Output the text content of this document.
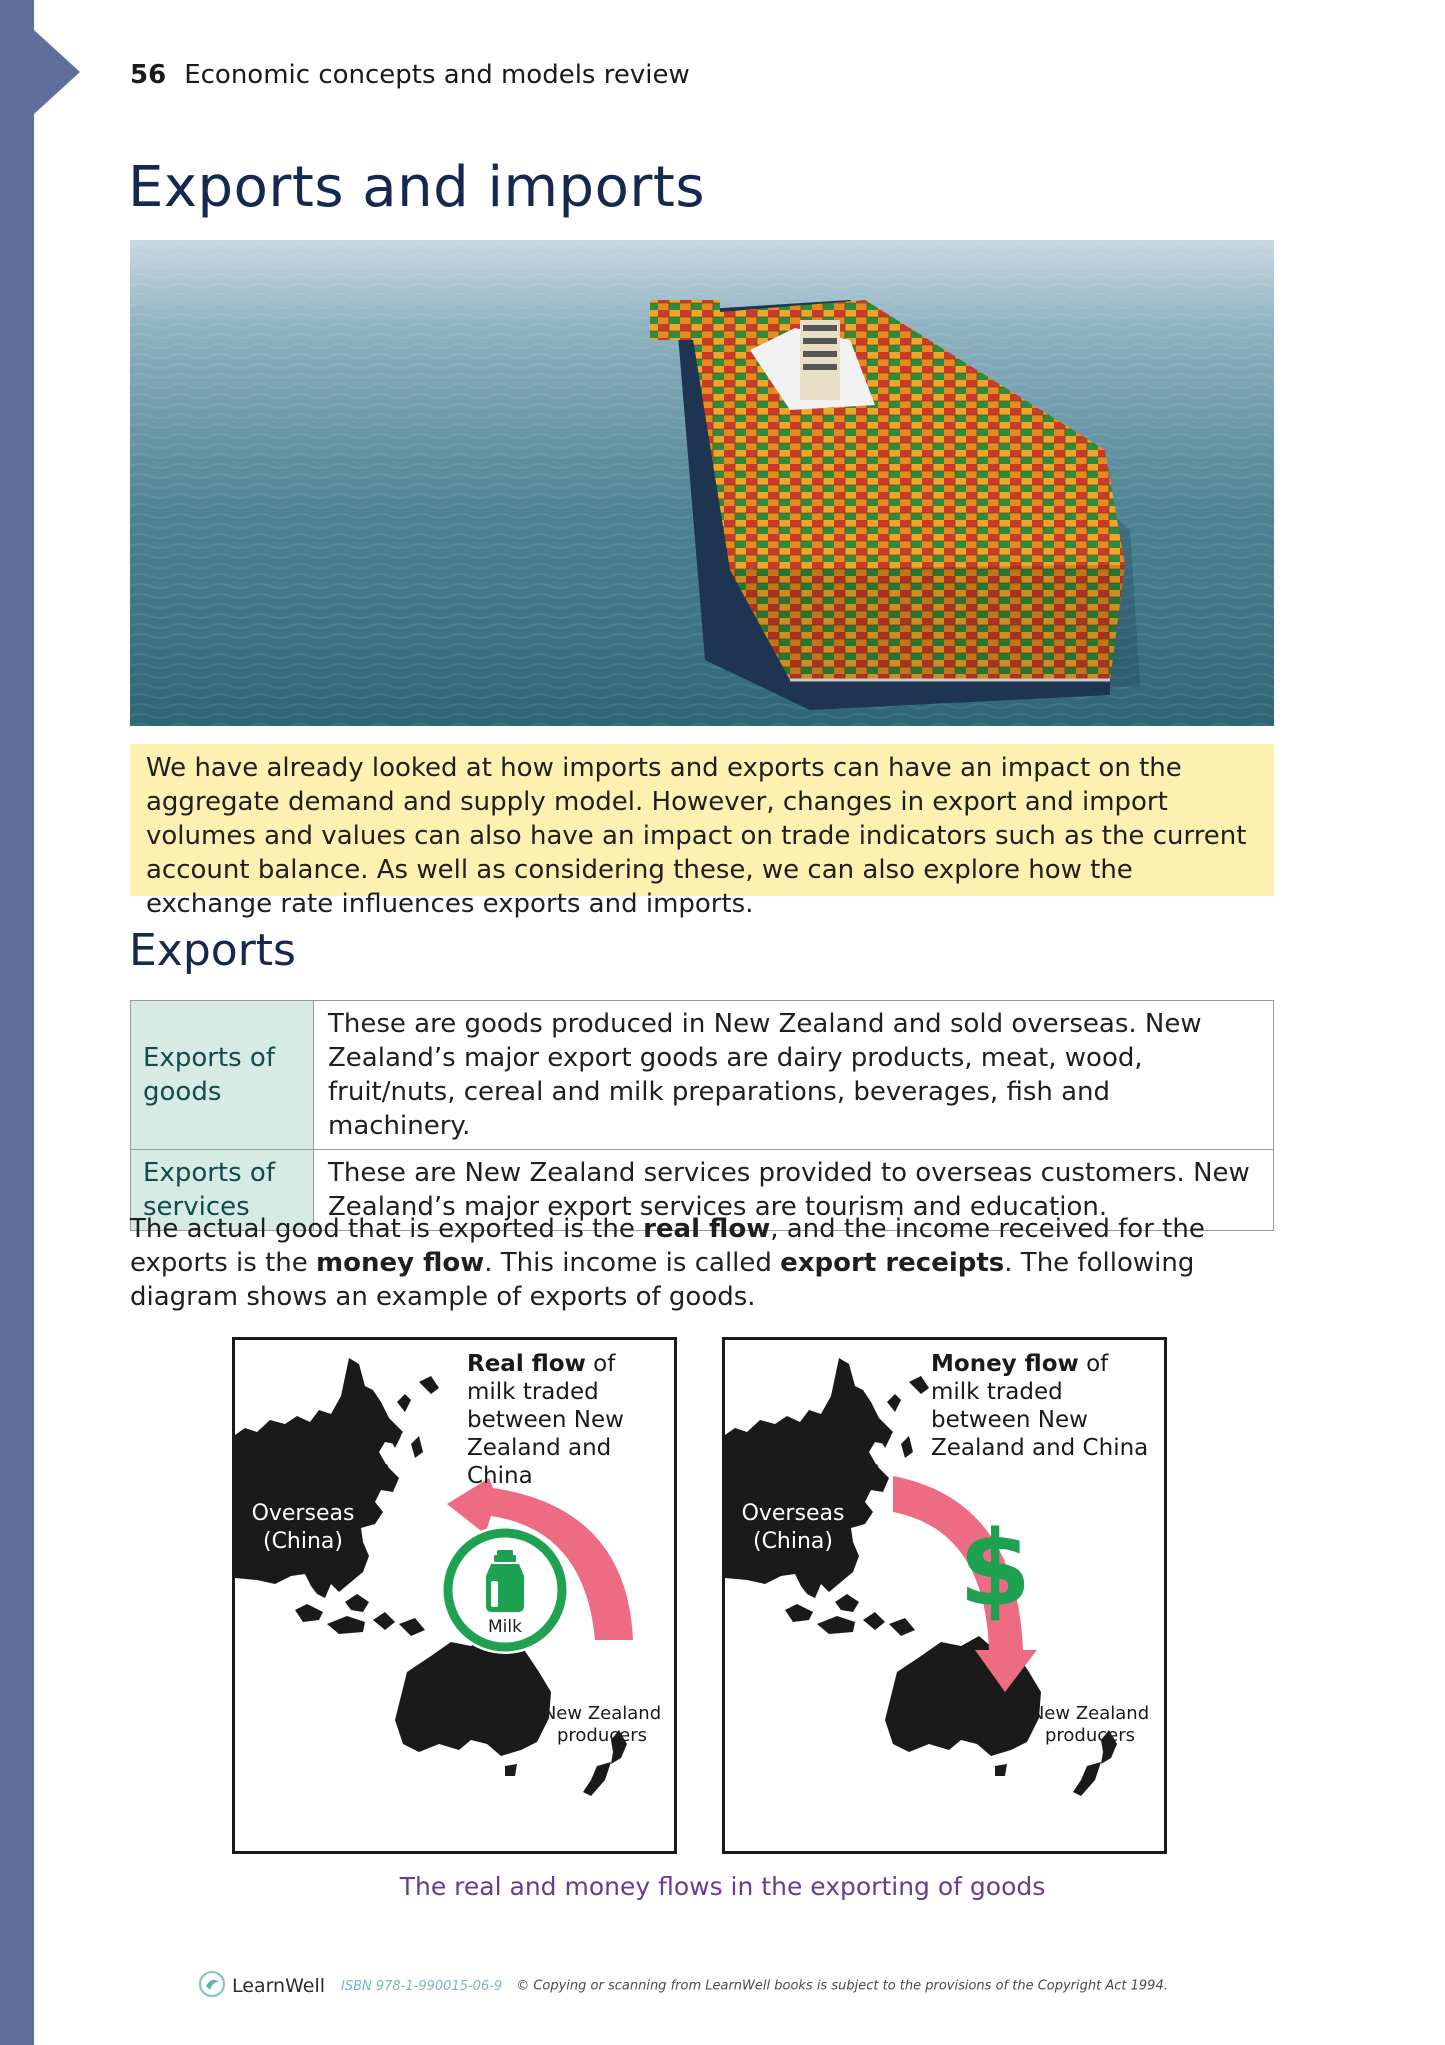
56 Economic concepts and models review
Exports and imports
We have already looked at how imports and exports can have an impact on the aggregate demand and supply model. However, changes in export and import volumes and values can also have an impact on trade indicators such as the current account balance. As well as considering these, we can also explore how the exchange rate influences exports and imports.
Exports
Exports of goods	These are goods produced in New Zealand and sold overseas. New Zealand’s major export goods are dairy products, meat, wood, fruit/nuts, cereal and milk preparations, beverages, fish and machinery.
Exports of services	These are New Zealand services provided to overseas customers. New Zealand’s major export services are tourism and education.
The actual good that is exported is the real flow, and the income received for the exports is the money flow. This income is called export receipts. The following diagram shows an example of exports of goods.
Real flow of milk traded between New Zealand and China
Overseas
(China)
Milk
New Zealand
producers
Money flow of milk traded between New Zealand and China
Overseas
(China) $
New Zealand
producers
The real and money flows in the exporting of goods
LearnWell ISBN 978-1-990015-06-9 © Copying or scanning from LearnWell books is subject to the provisions of the Copyright Act 1994.
